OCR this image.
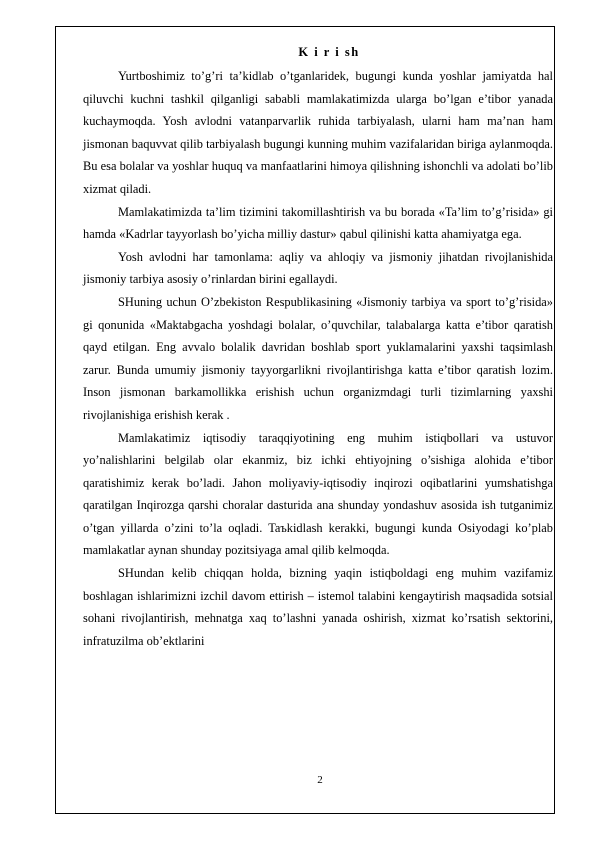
K i r i sh

Yurtboshimiz to’g’ri ta’kidlab o’tganlaridek, bugungi kunda yoshlar jamiyatda hal qiluvchi kuchni tashkil qilganligi sababli mamlakatimizda ularga bo’lgan e’tibor yanada kuchaymoqda. Yosh avlodni vatanparvarlik ruhida tarbiyalash, ularni ham ma’nan ham jismonan baquvvat qilib tarbiyalash bugungi kunning muhim vazifalaridan biriga aylanmoqda. Bu esa bolalar va yoshlar huquq va manfaatlarini himoya qilishning ishonchli va adolati bo’lib xizmat qiladi.

Mamlakatimizda ta’lim tizimini takomillashtirish va bu borada «Ta’lim to’g’risida» gi hamda «Kadrlar tayyorlash bo’yicha milliy dastur» qabul qilinishi katta ahamiyatga ega.

Yosh avlodni har tamonlama: aqliy va ahloqiy va jismoniy jihatdan rivojlanishida jismoniy tarbiya asosiy o’rinlardan birini egallaydi.

SHuning uchun O’zbekiston Respublikasining «Jismoniy tarbiya va sport to’g’risida» gi qonunida «Maktabgacha yoshdagi bolalar, o’quvchilar, talabalarga katta e’tibor qaratish qayd etilgan. Eng avvalo bolalik davridan boshlab sport yuklamalarini yaxshi taqsimlash zarur. Bunda umumiy jismoniy tayyorgarlikni rivojlantirishga katta e’tibor qaratish lozim. Inson jismonan barkamollikka erishish uchun organizmdagi turli tizimlarning yaxshi rivojlanishiga erishish kerak .

Mamlakatimiz iqtisodiy taraqqiyotining eng muhim istiqbollari va ustuvor yo’nalishlarini belgilab olar ekanmiz, biz ichki ehtiyojning o’sishiga alohida e’tibor qaratishimiz kerak bo’ladi. Jahon moliyaviy-iqtisodiy inqirozi oqibatlarini yumshatishga qaratilgan Inqirozga qarshi choralar dasturida ana shunday yondashuv asosida ish tutganimiz o’tgan yillarda o’zini to’la oqladi. Taъkidlash kerakki, bugungi kunda Osiyodagi ko’plab mamlakatlar aynan shunday pozitsiyaga amal qilib kelmoqda.

SHundan kelib chiqqan holda, bizning yaqin istiqboldagi eng muhim vazifamiz boshlagan ishlarimizni izchil davom ettirish – istemol talabini kengaytirish maqsadida sotsial sohani rivojlantirish, mehnatga xaq to’lashni yanada oshirish, xizmat ko’rsatish sektorini, infratuzilma ob’ektlarini

2
